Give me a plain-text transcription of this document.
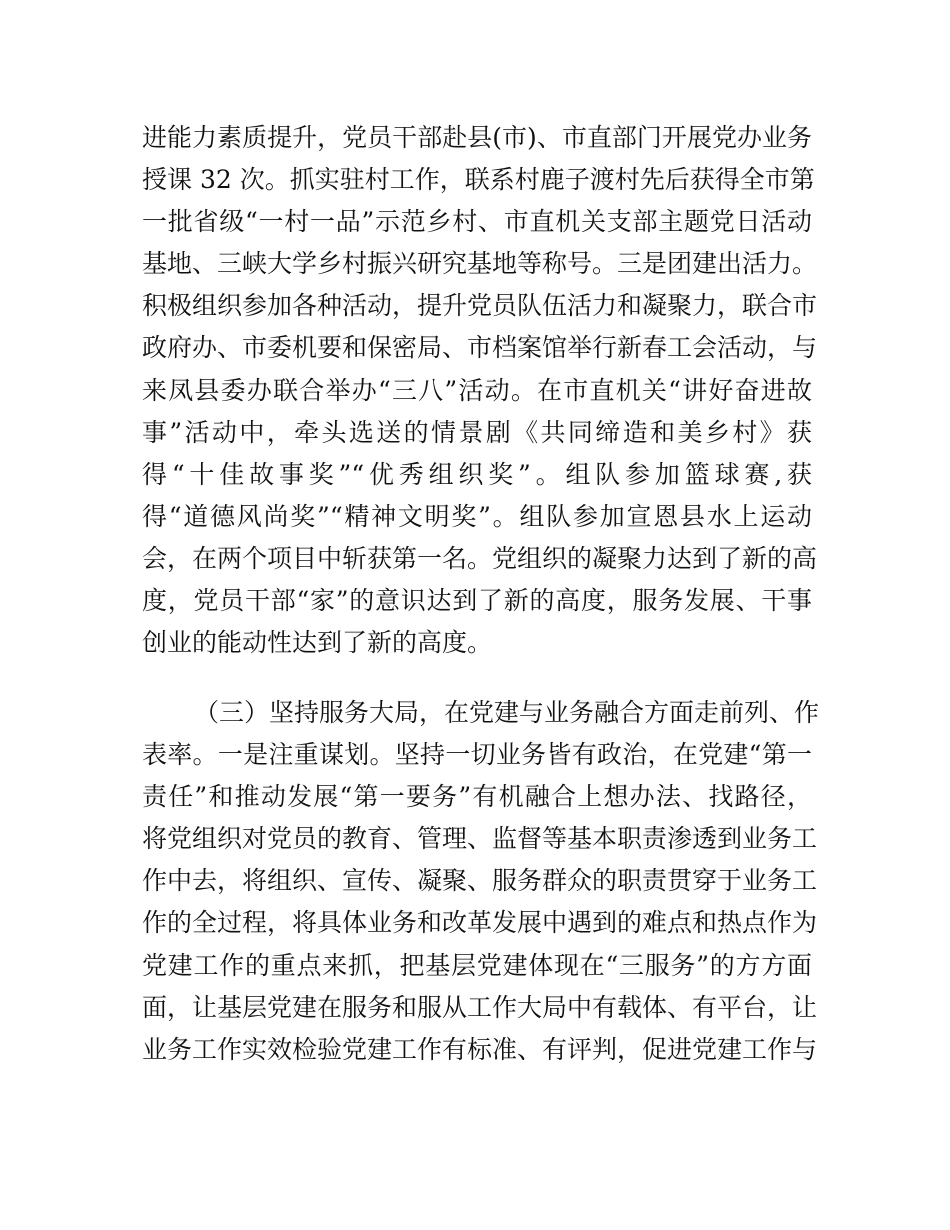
进能力素质提升，党员干部赴县(市)、市直部门开展党办业务
授课 32 次。抓实驻村工作，联系村鹿子渡村先后获得全市第
一批省级“一村一品”示范乡村、市直机关支部主题党日活动
基地、三峡大学乡村振兴研究基地等称号。三是团建出活力。
积极组织参加各种活动，提升党员队伍活力和凝聚力，联合市
政府办、市委机要和保密局、市档案馆举行新春工会活动，与
来凤县委办联合举办“三八”活动。在市直机关“讲好奋进故
事”活动中，牵头选送的情景剧《共同缔造和美乡村》获
得“十佳故事奖”“优秀组织奖”。组队参加篮球赛,获
得“道德风尚奖”“精神文明奖”。组队参加宣恩县水上运动
会，在两个项目中斩获第一名。党组织的凝聚力达到了新的高
度，党员干部“家”的意识达到了新的高度，服务发展、干事
创业的能动性达到了新的高度。
（三）坚持服务大局，在党建与业务融合方面走前列、作
表率。一是注重谋划。坚持一切业务皆有政治，在党建“第一
责任”和推动发展“第一要务”有机融合上想办法、找路径，
将党组织对党员的教育、管理、监督等基本职责渗透到业务工
作中去，将组织、宣传、凝聚、服务群众的职责贯穿于业务工
作的全过程，将具体业务和改革发展中遇到的难点和热点作为
党建工作的重点来抓，把基层党建体现在“三服务”的方方面
面，让基层党建在服务和服从工作大局中有载体、有平台，让
业务工作实效检验党建工作有标准、有评判，促进党建工作与
